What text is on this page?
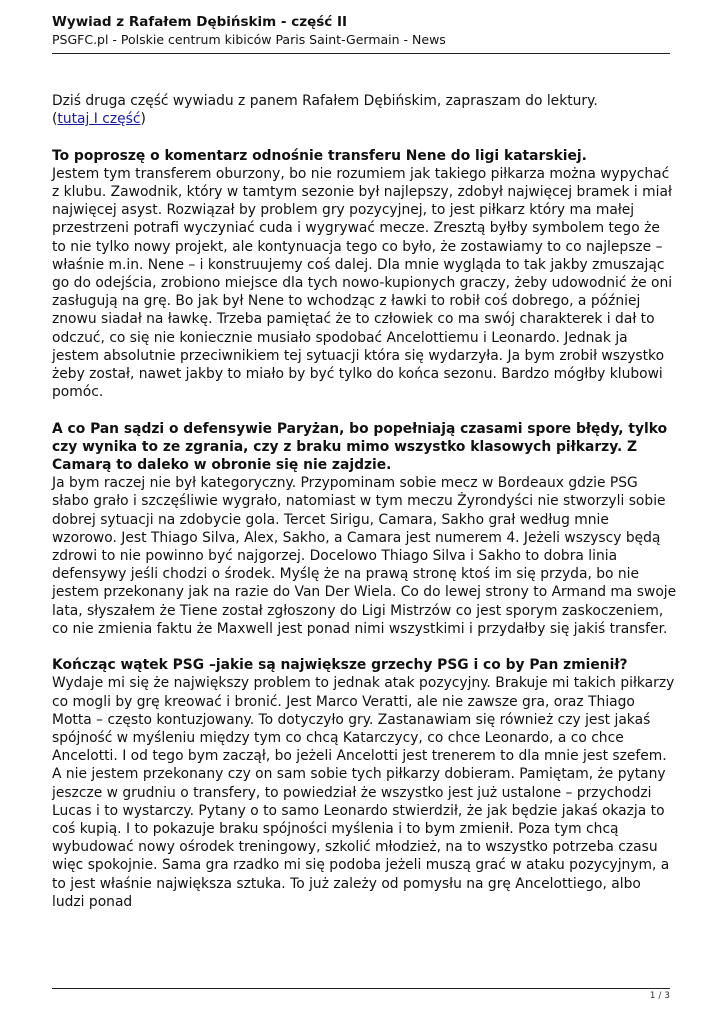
Wywiad z Rafałem Dębińskim - część II
PSGFC.pl - Polskie centrum kibiców Paris Saint-Germain - News

Dziś druga część wywiadu z panem Rafałem Dębińskim, zapraszam do lektury.
(tutaj I część)

To poproszę o komentarz odnośnie transferu Nene do ligi katarskiej.
Jestem tym transferem oburzony, bo nie rozumiem jak takiego piłkarza można wypychać z klubu. Zawodnik, który w tamtym sezonie był najlepszy, zdobył najwięcej bramek i miał najwięcej asyst. Rozwiązał by problem gry pozycyjnej, to jest piłkarz który ma małej przestrzeni potrafi wyczyniać cuda i wygrywać mecze. Zresztą byłby symbolem tego że to nie tylko nowy projekt, ale kontynuacja tego co było, że zostawiamy to co najlepsze – właśnie m.in. Nene – i konstruujemy coś dalej. Dla mnie wygląda to tak jakby zmuszając go do odejścia, zrobiono miejsce dla tych nowo-kupionych graczy, żeby udowodnić że oni zasługują na grę. Bo jak był Nene to wchodząc z ławki to robił coś dobrego, a później znowu siadał na ławkę. Trzeba pamiętać że to człowiek co ma swój charakterek i dał to odczuć, co się nie koniecznie musiało spodobać Ancelottiemu i Leonardo. Jednak ja jestem absolutnie przeciwnikiem tej sytuacji która się wydarzyła. Ja bym zrobił wszystko żeby został, nawet jakby to miało by być tylko do końca sezonu. Bardzo mógłby klubowi pomóc.

A co Pan sądzi o defensywie Paryżan, bo popełniają czasami spore błędy, tylko czy wynika to ze zgrania, czy z braku mimo wszystko klasowych piłkarzy. Z Camarą to daleko w obronie się nie zajdzie.
Ja bym raczej nie był kategoryczny. Przypominam sobie mecz w Bordeaux gdzie PSG słabo grało i szczęśliwie wygrało, natomiast w tym meczu Żyrondyści nie stworzyli sobie dobrej sytuacji na zdobycie gola. Tercet Sirigu, Camara, Sakho grał według mnie wzorowo. Jest Thiago Silva, Alex, Sakho, a Camara jest numerem 4. Jeżeli wszyscy będą zdrowi to nie powinno być najgorzej. Docelowo Thiago Silva i Sakho to dobra linia defensywy jeśli chodzi o środek. Myślę że na prawą stronę ktoś im się przyda, bo nie jestem przekonany jak na razie do Van Der Wiela. Co do lewej strony to Armand ma swoje lata, słyszałem że Tiene został zgłoszony do Ligi Mistrzów co jest sporym zaskoczeniem, co nie zmienia faktu że Maxwell jest ponad nimi wszystkimi i przydałby się jakiś transfer.

Kończąc wątek PSG –jakie są największe grzechy PSG i co by Pan zmienił?
Wydaje mi się że największy problem to jednak atak pozycyjny. Brakuje mi takich piłkarzy co mogli by grę kreować i bronić. Jest Marco Veratti, ale nie zawsze gra, oraz Thiago Motta – często kontuzjowany. To dotyczyło gry. Zastanawiam się również czy jest jakaś spójność w myśleniu między tym co chcą Katarczycy, co chce Leonardo, a co chce Ancelotti. I od tego bym zaczął, bo jeżeli Ancelotti jest trenerem to dla mnie jest szefem. A nie jestem przekonany czy on sam sobie tych piłkarzy dobieram. Pamiętam, że pytany jeszcze w grudniu o transfery, to powiedział że wszystko jest już ustalone – przychodzi Lucas i to wystarczy. Pytany o to samo Leonardo stwierdził, że jak będzie jakaś okazja to coś kupią. I to pokazuje braku spójności myślenia i to bym zmienił. Poza tym chcą wybudować nowy ośrodek treningowy, szkolić młodzież, na to wszystko potrzeba czasu więc spokojnie. Sama gra rzadko mi się podoba jeżeli muszą grać w ataku pozycyjnym, a to jest właśnie największa sztuka. To już zależy od pomysłu na grę Ancelottiego, albo ludzi ponad

1 / 3
